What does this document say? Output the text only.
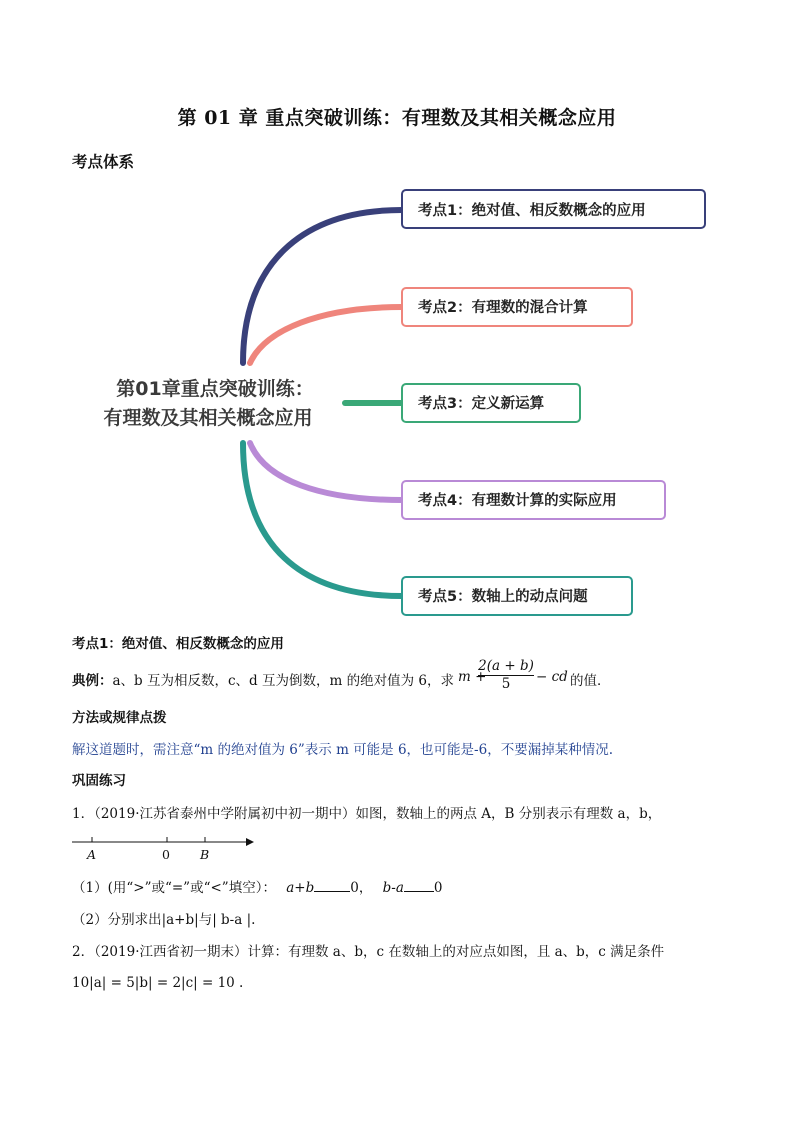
第 01 章 重点突破训练：有理数及其相关概念应用
考点体系
第01章重点突破训练：
有理数及其相关概念应用
考点1：绝对值、相反数概念的应用
考点2：有理数的混合计算
考点3：定义新运算
考点4：有理数计算的实际应用
考点5：数轴上的动点问题
考点1：绝对值、相反数概念的应用
典例：a、b 互为相反数，c、d 互为倒数，m 的绝对值为 6，求 m +
$\frac{2(a + b)}{5}$ − cd 的值．
方法或规律点拨
解这道题时，需注意“m 的绝对值为 6”表示 m 可能是 6，也可能是-6，不要漏掉某种情况.
巩固练习
1．（2019·江苏省泰州中学附属初中初一期中）如图，数轴上的两点 A，B 分别表示有理数 a，b，
A	0 B
（1）(用“>”或“=”或“<”填空）： a+b	0， b-a 0
（2）分别求出|a+b|与| b-a |.
2．（2019·江西省初一期末）计算：有理数 a、b，c 在数轴上的对应点如图，且 a、b，c 满足条件
10|a| = 5|b| = 2|c| = 10 .
